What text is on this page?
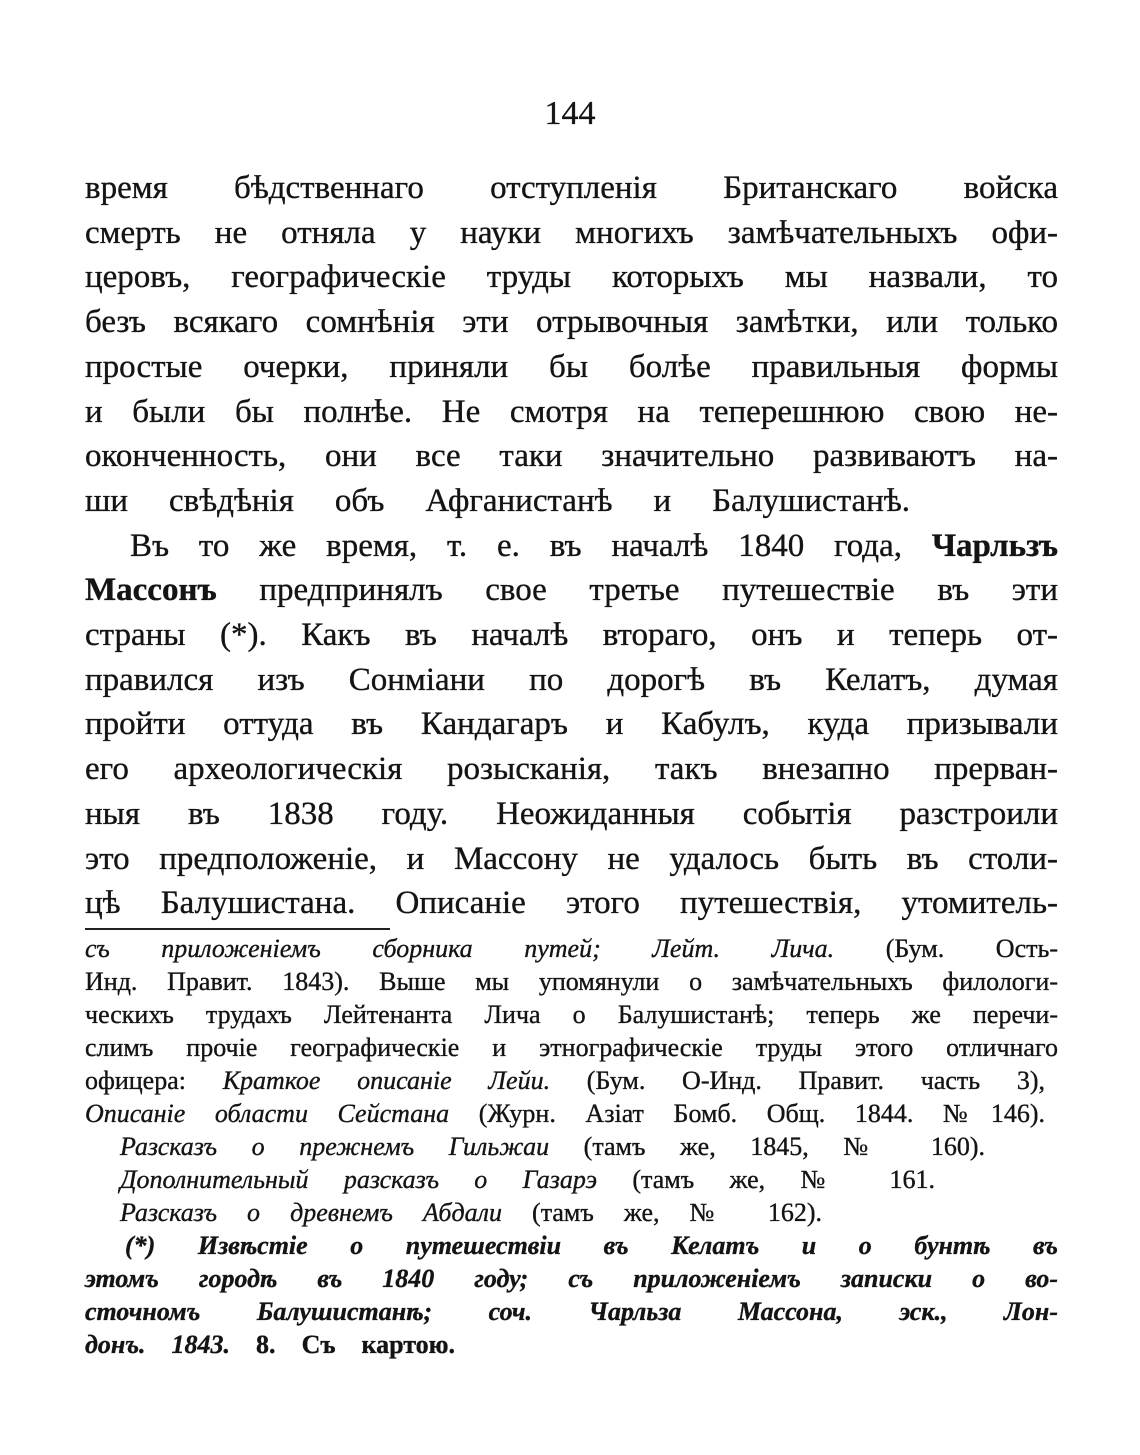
144
время бѣдственнаго отступленія Британскаго войска
смерть не отняла у науки многихъ замѣчательныхъ офи-
церовъ, географическіе труды которыхъ мы назвали, то
безъ всякаго сомнѣнія эти отрывочныя замѣтки, или только
простые очерки, приняли бы болѣе правильныя формы
и были бы полнѣе. Не смотря на теперешнюю свою не-
оконченность, они все таки значительно развиваютъ на-
ши свѣдѣнія объ Афганистанѣ и Балушистанѣ.
Въ то же время, т. е. въ началѣ 1840 года, Чарльзъ
Массонъ предпринялъ свое третье путешествіе въ эти
страны (*). Какъ въ началѣ втораго, онъ и теперь от-
правился изъ Сонміани по дорогѣ въ Келатъ, думая
пройти оттуда въ Кандагаръ и Кабулъ, куда призывали
его археологическія розысканія, такъ внезапно прерван-
ныя въ 1838 году. Неожиданныя событія разстроили
это предположеніе, и Массону не удалось быть въ столи-
цѣ Балушистана. Описаніе этого путешествія, утомитель-
съ приложеніемъ сборника путей; Лейт. Лича. (Бум. Ость-
Инд. Правит. 1843). Выше мы упомянули о замѣчательныхъ филологи-
ческихъ трудахъ Лейтенанта Лича о Балушистанѣ; теперь же перечи-
слимъ прочіе географическіе и этнографическіе труды этого отличнаго
офицера: Краткое описаніе Лейи. (Бум. О-Инд. Правит. часть 3),
Описаніе области Сейстана (Журн. Азіат Бомб. Общ. 1844. №146).
Разсказъ о прежнемъ Гильжаи (тамъ же, 1845, № 160).
Дополнительный разсказъ о Газарэ (тамъ же, № 161.
Разсказъ о древнемъ Абдали (тамъ же, № 162).
(*) Извѣстіе о путешествіи въ Келатъ и о бунтѣ въ
этомъ городѣ въ 1840 году; съ приложеніемъ записки о во-
сточномъ Балушистанѣ; соч. Чарльза Массона, эск., Лон-
донъ. 1843. 8. Съ картою.
